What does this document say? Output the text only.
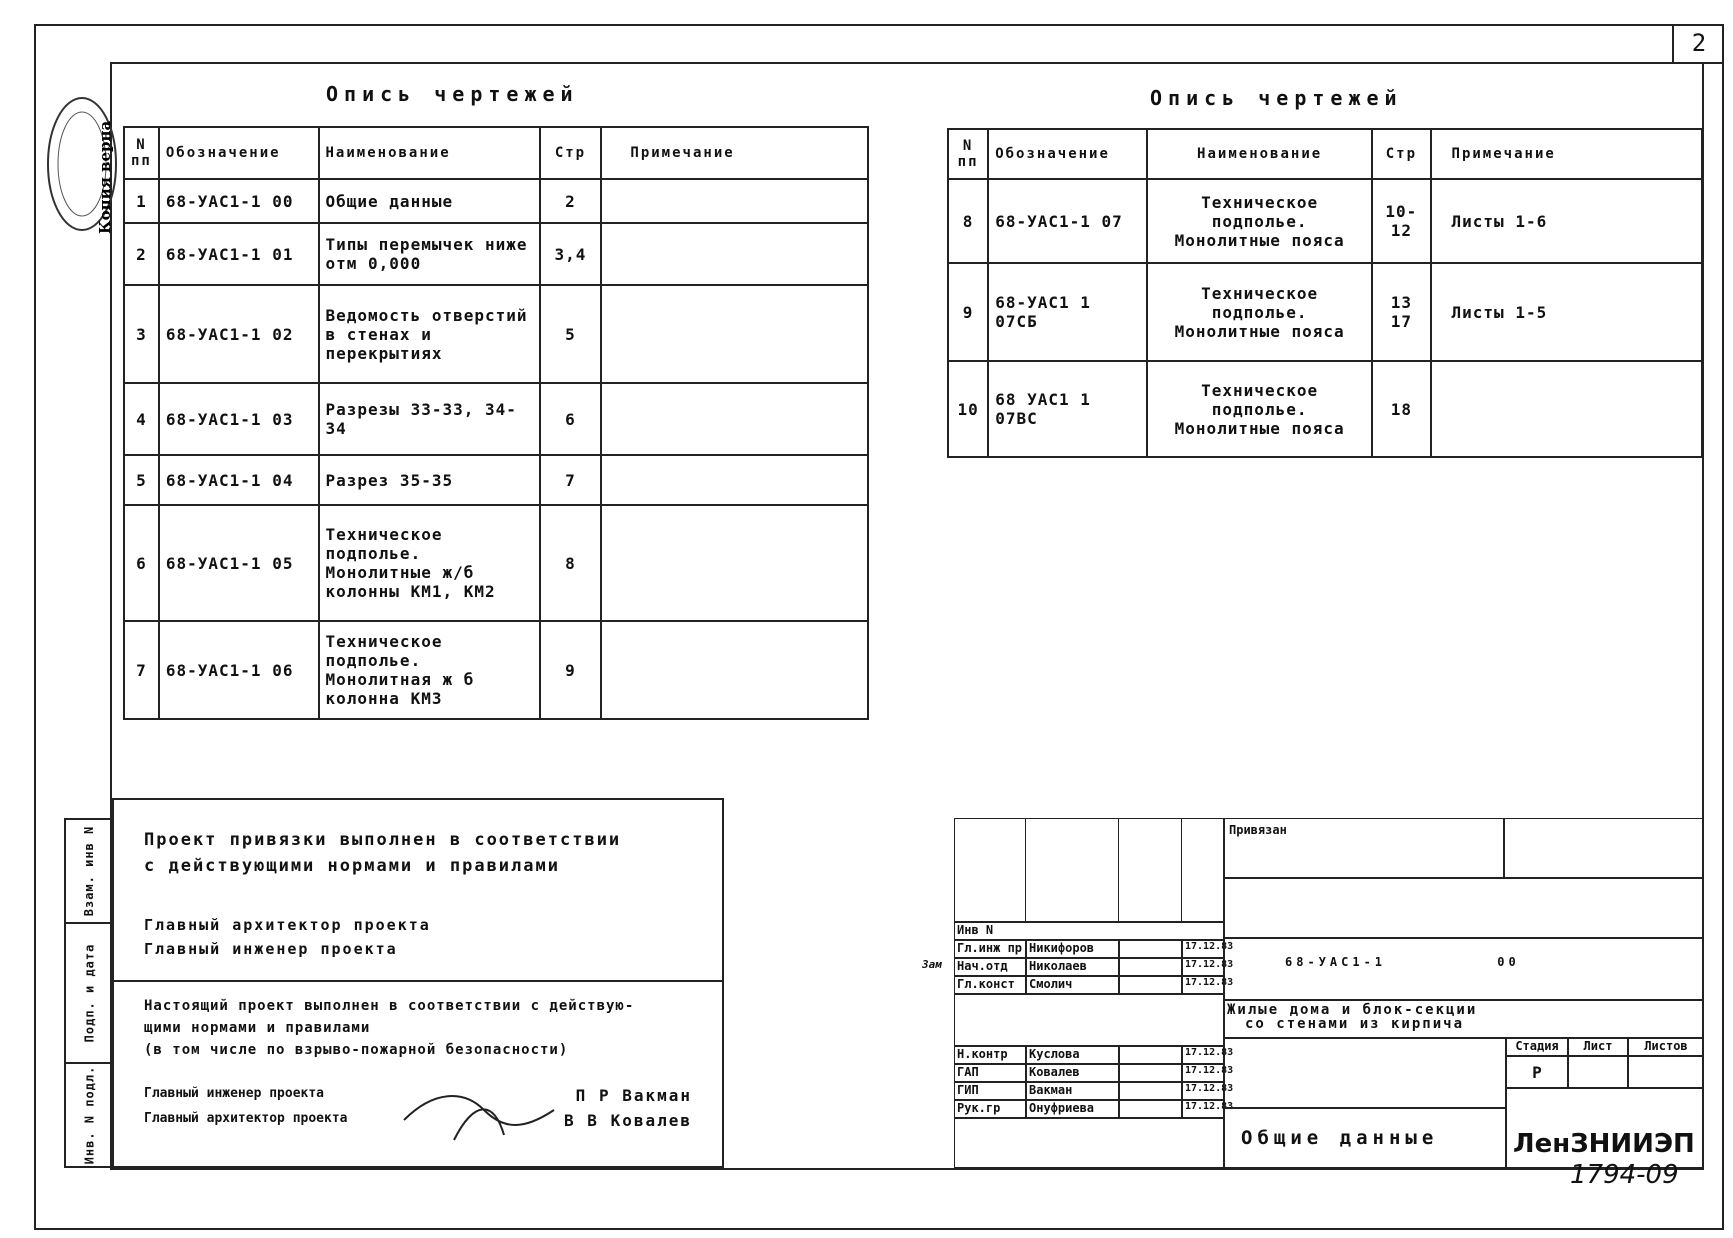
2
Копия верна
Опись чертежей
N пп	Обозначение	Наименование	Стр	Примечание
1	68-УАС1-1 00	Общие данные	2	
2	68-УАС1-1 01	Типы перемычек ниже отм 0,000	3,4	
3	68-УАС1-1 02	Ведомость отверстий в стенах и перекрытиях	5	
4	68-УАС1-1 03	Разрезы 33-33, 34-34	6	
5	68-УАС1-1 04	Разрез 35-35	7	
6	68-УАС1-1 05	Техническое подполье. Монолитные ж/б колонны КМ1, КМ2	8	
7	68-УАС1-1 06	Техническое подполье. Монолитная ж б колонна КМ3	9	
Опись чертежей
N пп	Обозначение	Наименование	Стр	Примечание
8	68-УАС1-1 07	Техническое подполье. Монолитные пояса	10-12	Листы 1-6
9	68-УАС1 1 07СБ	Техническое подполье. Монолитные пояса	13 17	Листы 1-5
10	68 УАС1 1 07ВС	Техническое подполье. Монолитные пояса	18	
Взам. инв N
Подп. и дата
Инв. N подл.

Проект привязки выполнен в соответствии

с действующими нормами и правилами

Главный архитектор проекта

Главный инженер проекта

Настоящий проект выполнен в соответствии с действую-

щими нормами и правилами

(в том числе по взрыво-пожарной безопасности)

Главный инженер проекта	П Р Вакман
Главный архитектор проекта	В В Ковалев
Инв N
Гл.инж пр Никифоров	17.12.83
Нач.отд	Николаев	17.12.83
Гл.конст	Смолич	17.12.83
Н.контр	Куслова	17.12.83
ГАП	Ковалев	17.12.83
ГИП	Вакман	17.12.83
Рук.гр	Онуфриева	17.12.83
Зам
Привязан
68-УАС1-1	00
Жилые дома и блок-секции
со стенами из кирпича
Стадия	Лист	Листов
Р
Общие данные	ЛенЗНИИЭП
1794-09
